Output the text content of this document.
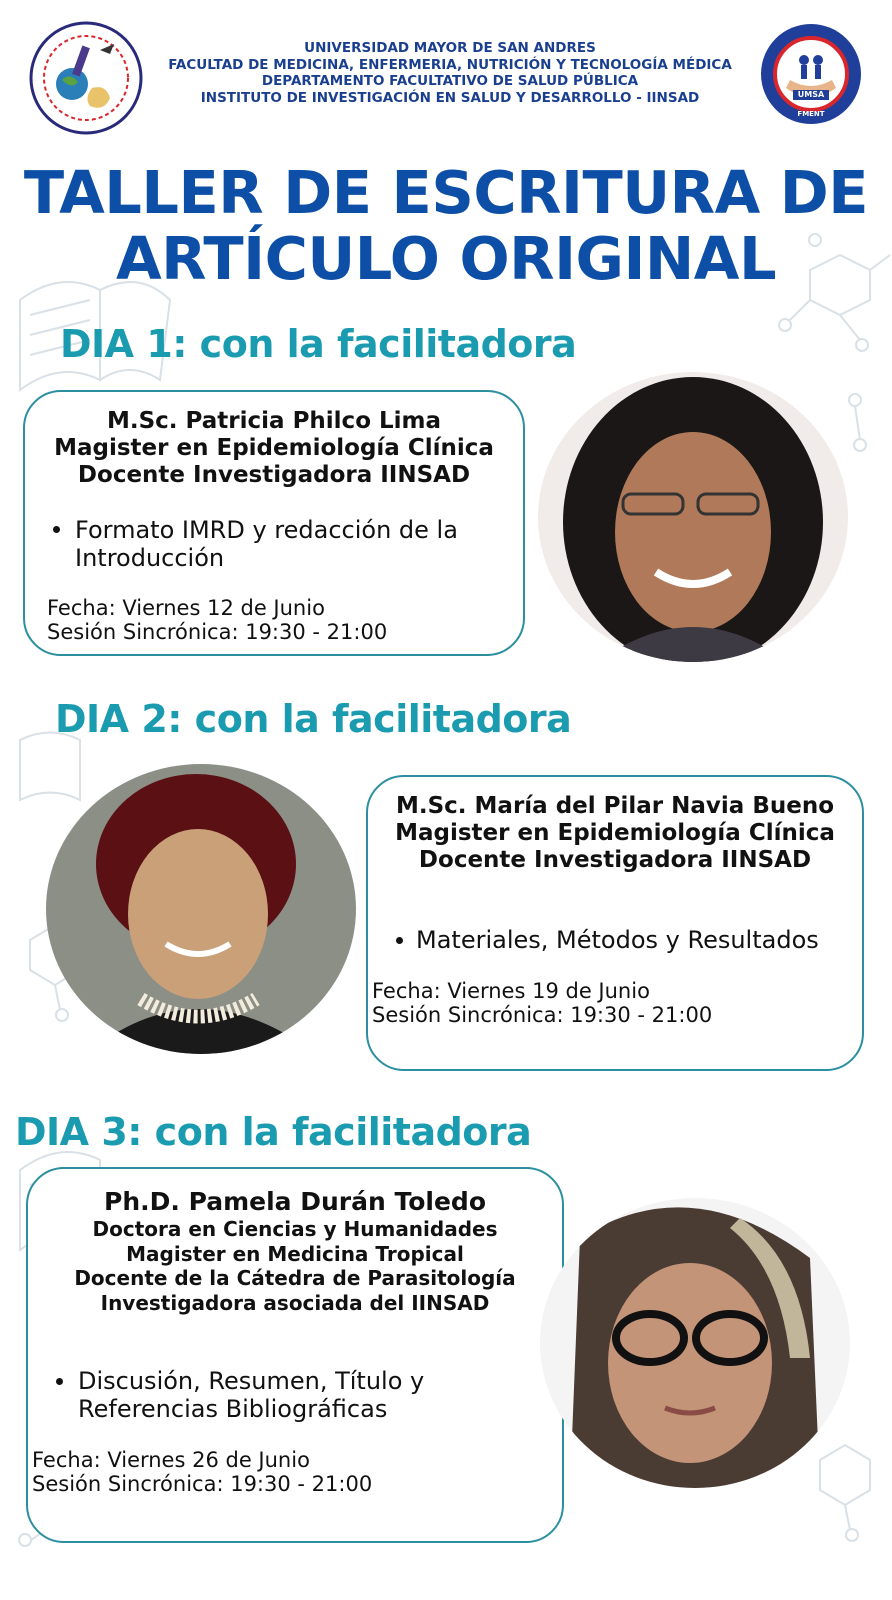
UNIVERSIDAD MAYOR DE SAN ANDRES
FACULTAD DE MEDICINA, ENFERMERIA, NUTRICIÓN Y TECNOLOGÍA MÉDICA
DEPARTAMENTO FACULTATIVO DE SALUD PÚBLICA
INSTITUTO DE INVESTIGACIÓN EN SALUD Y DESARROLLO - IINSAD	UMSA
FMENT
TALLER DE ESCRITURA DE
ARTÍCULO ORIGINAL
DIA 1: con la facilitadora
M.Sc. Patricia Philco Lima
Magister en Epidemiología Clínica
Docente Investigadora IINSAD
Formato IMRD y redacción de la
Introducción
Fecha: Viernes 12 de Junio
Sesión Sincrónica: 19:30 - 21:00
DIA 2: con la facilitadora
M.Sc. María del Pilar Navia Bueno
Magister en Epidemiología Clínica
Docente Investigadora IINSAD
Materiales, Métodos y Resultados
Fecha: Viernes 19 de Junio
Sesión Sincrónica: 19:30 - 21:00
DIA 3: con la facilitadora
Ph.D. Pamela Durán Toledo
Doctora en Ciencias y Humanidades
Magister en Medicina Tropical
Docente de la Cátedra de Parasitología
Investigadora asociada del IINSAD
Discusión, Resumen, Título y
Referencias Bibliográficas
Fecha: Viernes 26 de Junio
Sesión Sincrónica: 19:30 - 21:00
